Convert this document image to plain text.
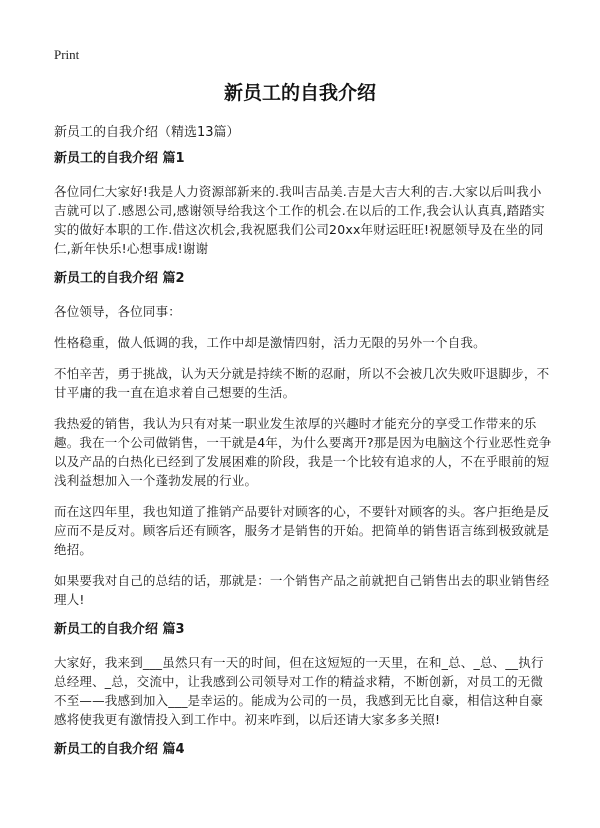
Print
新员工的自我介绍
新员工的自我介绍（精选13篇）
新员工的自我介绍 篇1

各位同仁大家好!我是人力资源部新来的.我叫吉品美.吉是大吉大利的吉.大家以后叫我小吉就可以了.感恩公司,感谢领导给我这个工作的机会.在以后的工作,我会认认真真,踏踏实实的做好本职的工作.借这次机会,我祝愿我们公司20xx年财运旺旺!祝愿领导及在坐的同仁,新年快乐!心想事成!谢谢

新员工的自我介绍 篇2

各位领导，各位同事：

性格稳重，做人低调的我，工作中却是激情四射，活力无限的另外一个自我。

不怕辛苦，勇于挑战，认为天分就是持续不断的忍耐，所以不会被几次失败吓退脚步，不甘平庸的我一直在追求着自己想要的生活。

我热爱的销售，我认为只有对某一职业发生浓厚的兴趣时才能充分的享受工作带来的乐趣。我在一个公司做销售，一干就是4年，为什么要离开?那是因为电脑这个行业恶性竞争以及产品的白热化已经到了发展困难的阶段，我是一个比较有追求的人，不在乎眼前的短浅利益想加入一个蓬勃发展的行业。

而在这四年里，我也知道了推销产品要针对顾客的心，不要针对顾客的头。客户拒绝是反应而不是反对。顾客后还有顾客，服务才是销售的开始。把简单的销售语言练到极致就是绝招。

如果要我对自己的总结的话，那就是：一个销售产品之前就把自己销售出去的职业销售经理人!

新员工的自我介绍 篇3

大家好，我来到___虽然只有一天的时间，但在这短短的一天里，在和_总、_总、__执行总经理、_总，交流中，让我感到公司领导对工作的精益求精，不断创新，对员工的无微不至——我感到加入___是幸运的。能成为公司的一员，我感到无比自豪，相信这种自豪感将使我更有激情投入到工作中。初来咋到，以后还请大家多多关照!

新员工的自我介绍 篇4
